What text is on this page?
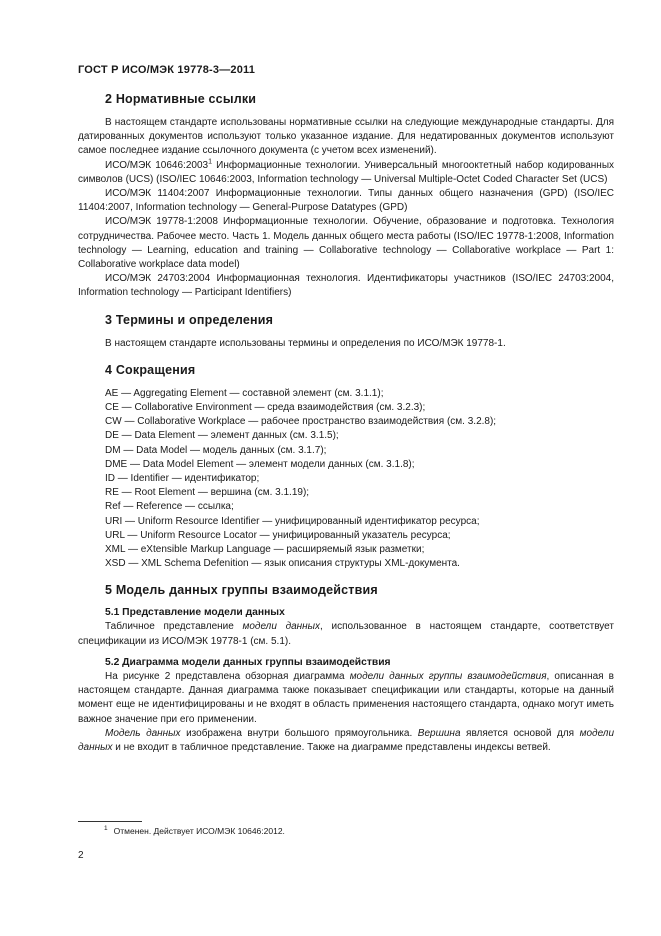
ГОСТ Р ИСО/МЭК 19778-3—2011
2 Нормативные ссылки

В настоящем стандарте использованы нормативные ссылки на следующие международные стандарты. Для датированных документов используют только указанное издание. Для недатированных документов используют самое последнее издание ссылочного документа (с учетом всех изменений).

ИСО/МЭК 10646:2003$^1$ Информационные технологии. Универсальный многооктетный набор кодированных символов (UCS) (ISO/IEC 10646:2003, Information technology — Universal Multiple-Octet Coded Character Set (UCS)

ИСО/МЭК 11404:2007 Информационные технологии. Типы данных общего назначения (GPD) (ISO/IEC 11404:2007, Information technology — General-Purpose Datatypes (GPD)

ИСО/МЭК 19778-1:2008 Информационные технологии. Обучение, образование и подготовка. Технология сотрудничества. Рабочее место. Часть 1. Модель данных общего места работы (ISO/IEC 19778-1:2008, Information technology — Learning, education and training — Collaborative technology — Collaborative workplace — Part 1: Collaborative workplace data model)

ИСО/МЭК 24703:2004 Информационная технология. Идентификаторы участников (ISO/IEC 24703:2004, Information technology — Participant Identifiers)

3 Термины и определения

В настоящем стандарте использованы термины и определения по ИСО/МЭК 19778-1.

4 Сокращения
AE — Aggregating Element — составной элемент (см. 3.1.1);
CE — Collaborative Environment — среда взаимодействия (см. 3.2.3);
CW — Collaborative Workplace — рабочее пространство взаимодействия (см. 3.2.8);
DE — Data Element — элемент данных (см. 3.1.5);
DM — Data Model — модель данных (см. 3.1.7);
DME — Data Model Element — элемент модели данных (см. 3.1.8);
ID — Identifier — идентификатор;
RE — Root Element — вершина (см. 3.1.19);
Ref — Reference — ссылка;
URI — Uniform Resource Identifier — унифицированный идентификатор ресурса;
URL — Uniform Resource Locator — унифицированный указатель ресурса;
XML — eXtensible Markup Language — расширяемый язык разметки;
XSD — XML Schema Defenition — язык описания структуры XML-документа.
5 Модель данных группы взаимодействия
5.1 Представление модели данных

Табличное представление модели данных, использованное в настоящем стандарте, соответствует спецификации из ИСО/МЭК 19778-1 (см. 5.1).

5.2 Диаграмма модели данных группы взаимодействия

На рисунке 2 представлена обзорная диаграмма модели данных группы взаимодействия, описанная в настоящем стандарте. Данная диаграмма также показывает спецификации или стандарты, которые на данный момент еще не идентифицированы и не входят в область применения настоящего стандарта, однако могут иметь важное значение при его применении.

Модель данных изображена внутри большого прямоугольника. Вершина является основой для модели данных и не входит в табличное представление. Также на диаграмме представлены индексы ветвей.

$^1$ Отменен. Действует ИСО/МЭК 10646:2012.
2
